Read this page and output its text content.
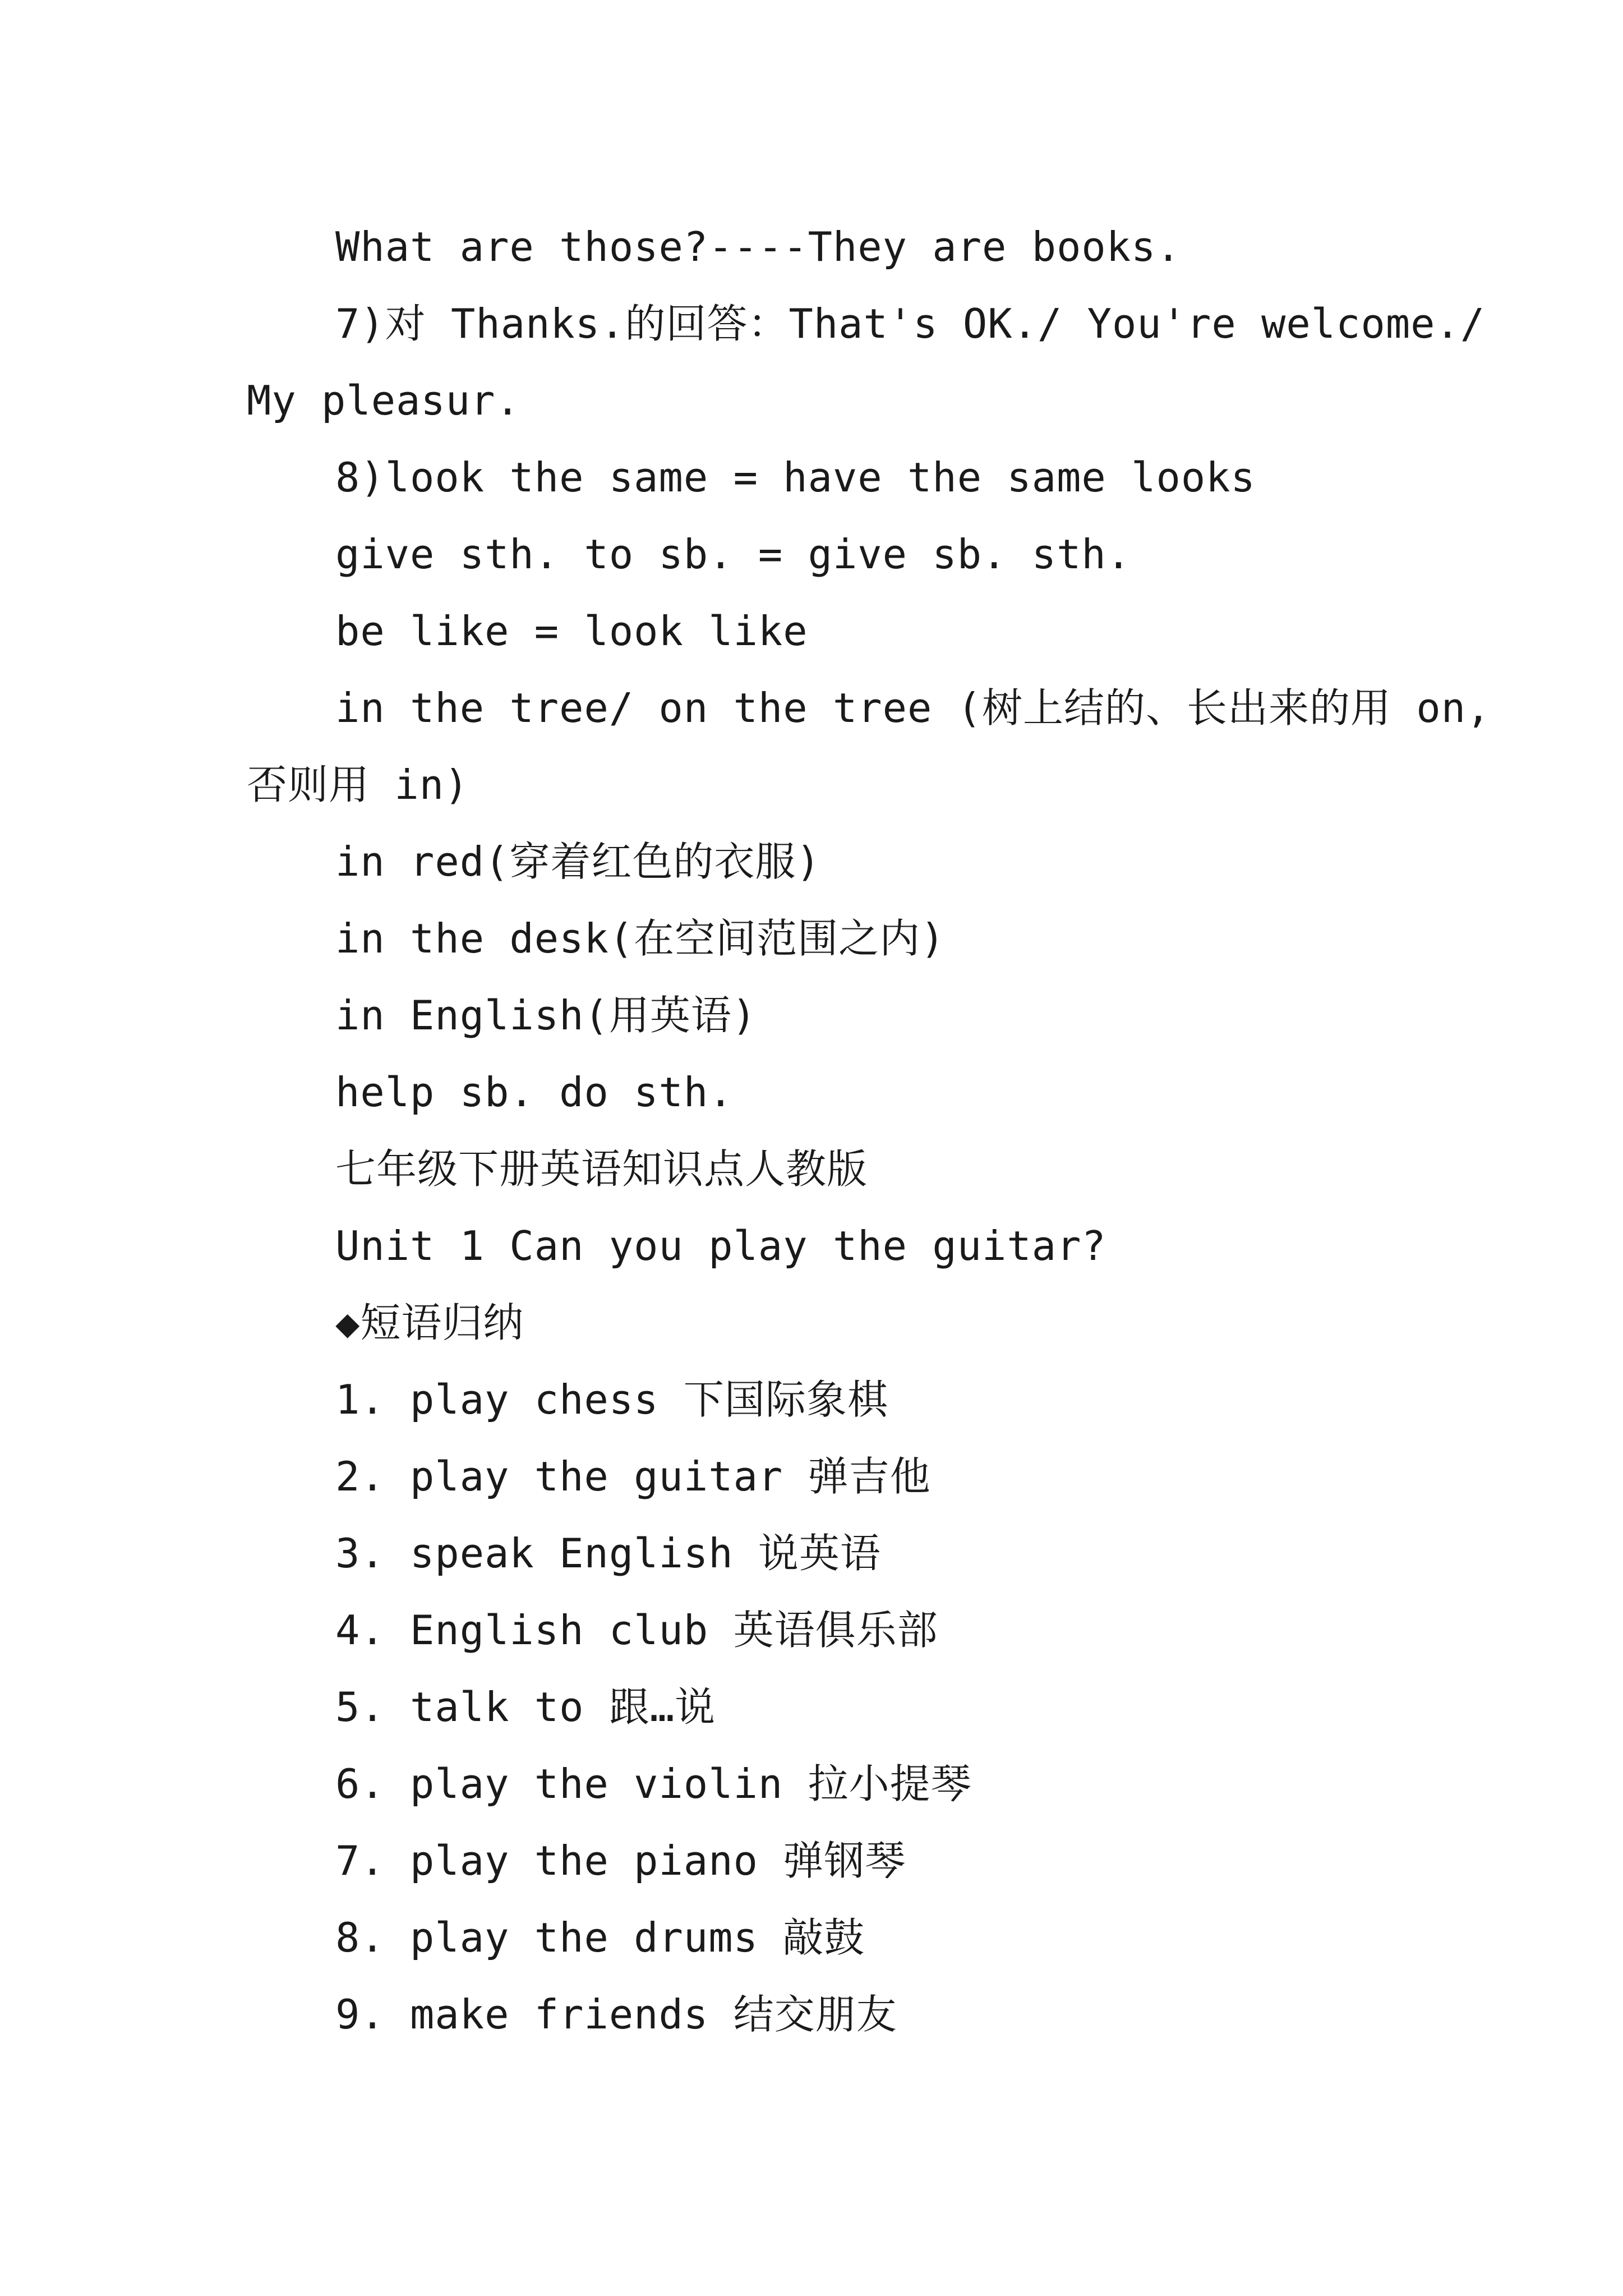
What are those?----They are books.
7)对 Thanks.的回答：That's OK./ You're welcome./
My pleasur.
8)look the same = have the same looks
give sth. to sb. = give sb. sth.
be like = look like
in the tree/ on the tree (树上结的、长出来的用 on,
否则用 in)
in red(穿着红色的衣服)
in the desk(在空间范围之内)
in English(用英语)
help sb. do sth.
七年级下册英语知识点人教版
Unit 1 Can you play the guitar?
◆短语归纳
1. play chess 下国际象棋
2. play the guitar 弹吉他
3. speak English 说英语
4. English club 英语俱乐部
5. talk to 跟…说
6. play the violin 拉小提琴
7. play the piano 弹钢琴
8. play the drums 敲鼓
9. make friends 结交朋友
